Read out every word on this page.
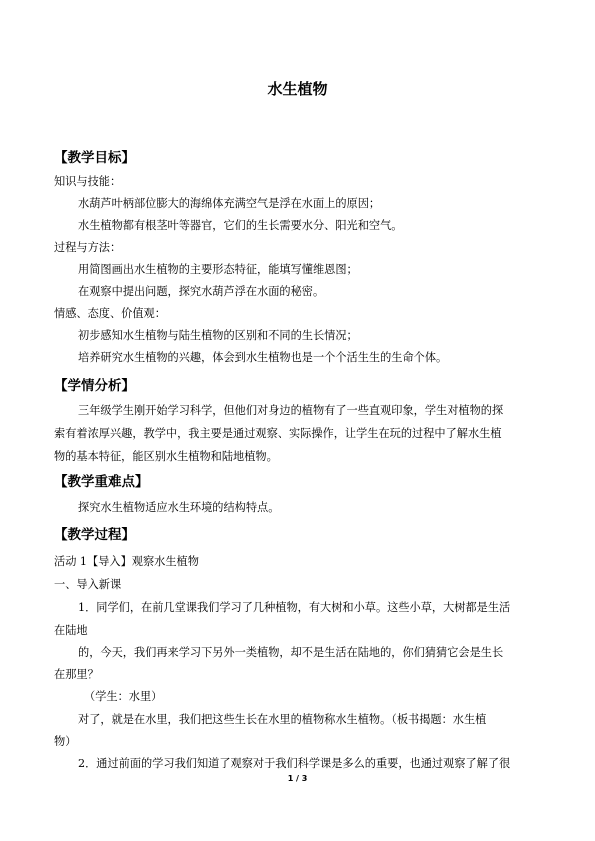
水生植物
【教学目标】
知识与技能：
水葫芦叶柄部位膨大的海绵体充满空气是浮在水面上的原因；
水生植物都有根茎叶等器官，它们的生长需要水分、阳光和空气。
过程与方法：
用简图画出水生植物的主要形态特征，能填写懂维恩图；
在观察中提出问题，探究水葫芦浮在水面的秘密。
情感、态度、价值观：
初步感知水生植物与陆生植物的区别和不同的生长情况；
培养研究水生植物的兴趣，体会到水生植物也是一个个活生生的生命个体。
【学情分析】
三年级学生刚开始学习科学，但他们对身边的植物有了一些直观印象，学生对植物的探
索有着浓厚兴趣，教学中，我主要是通过观察、实际操作，让学生在玩的过程中了解水生植
物的基本特征，能区别水生植物和陆地植物。
【教学重难点】
探究水生植物适应水生环境的结构特点。
【教学过程】
活动 1【导入】观察水生植物
一、导入新课
1．同学们，在前几堂课我们学习了几种植物，有大树和小草。这些小草，大树都是生活
在陆地
的，今天，我们再来学习下另外一类植物，却不是生活在陆地的，你们猜猜它会是生长
在那里？
（学生：水里）
对了，就是在水里，我们把这些生长在水里的植物称水生植物。（板书揭题：水生植
物）
2．通过前面的学习我们知道了观察对于我们科学课是多么的重要，也通过观察了解了很
1 / 3
